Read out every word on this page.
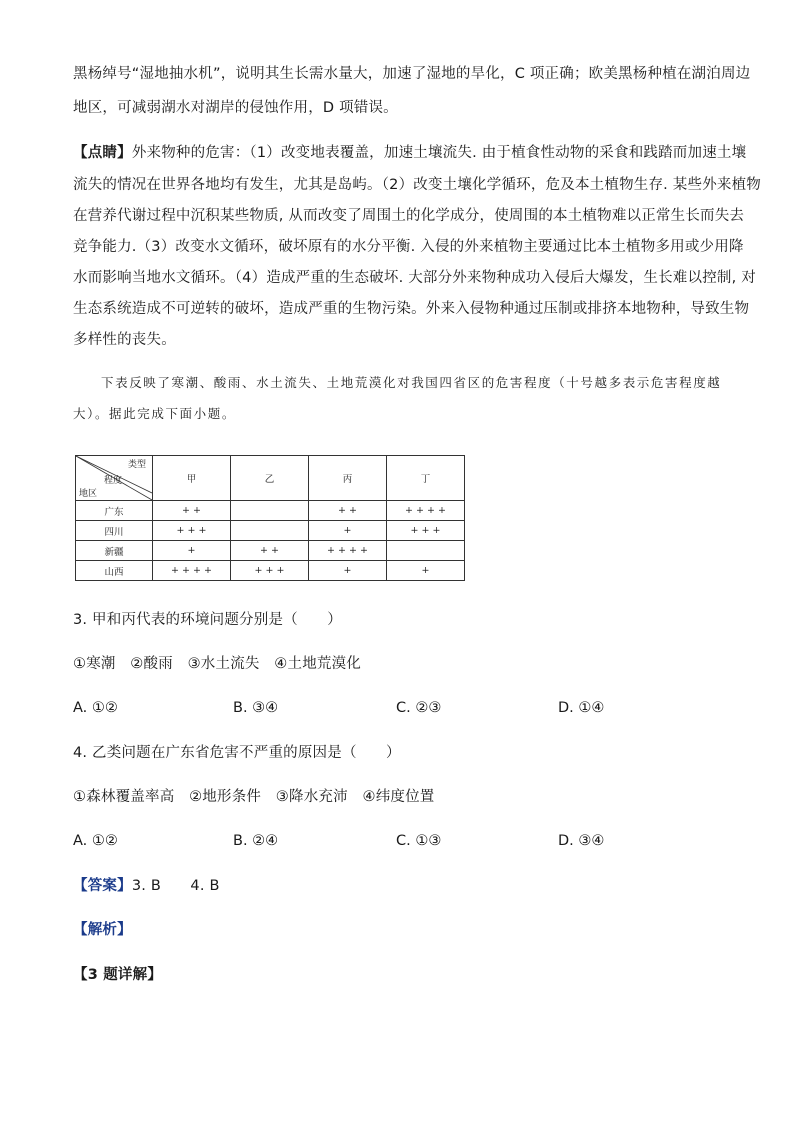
黑杨绰号“湿地抽水机”，说明其生长需水量大，加速了湿地的旱化，C 项正确；欧美黑杨种植在湖泊周边
地区，可减弱湖水对湖岸的侵蚀作用，D 项错误。
【点睛】外来物种的危害：（1）改变地表覆盖，加速土壤流失. 由于植食性动物的采食和践踏而加速土壤
流失的情况在世界各地均有发生，尤其是岛屿。（2）改变土壤化学循环，危及本土植物生存. 某些外来植物
在营养代谢过程中沉积某些物质, 从而改变了周围土的化学成分，使周围的本土植物难以正常生长而失去
竞争能力.（3）改变水文循环，破坏原有的水分平衡. 入侵的外来植物主要通过比本土植物多用或少用降
水而影响当地水文循环。（4）造成严重的生态破坏. 大部分外来物种成功入侵后大爆发，生长难以控制, 对
生态系统造成不可逆转的破坏，造成严重的生物污染。外来入侵物种通过压制或排挤本地物种，导致生物
多样性的丧失。
下表反映了寒潮、酸雨、水土流失、土地荒漠化对我国四省区的危害程度（十号越多表示危害程度越
大）。据此完成下面小题。
类型
程度
地区	甲	乙	丙	丁
广东	+ +		+ +	+ + + +
四川	+ + +		+	+ + +
新疆	+	+ +	+ + + +	
山西	+ + + +	+ + +	+	+
3. 甲和丙代表的环境问题分别是（　　）
①寒潮　②酸雨　③水土流失　④土地荒漠化
A. ①②	B. ③④	C. ②③	D. ①④
4. 乙类问题在广东省危害不严重的原因是（　　）
①森林覆盖率高　②地形条件　③降水充沛　④纬度位置
A. ①②	B. ②④	C. ①③	D. ③④
【答案】3. B　　4. B
【解析】
【3 题详解】
